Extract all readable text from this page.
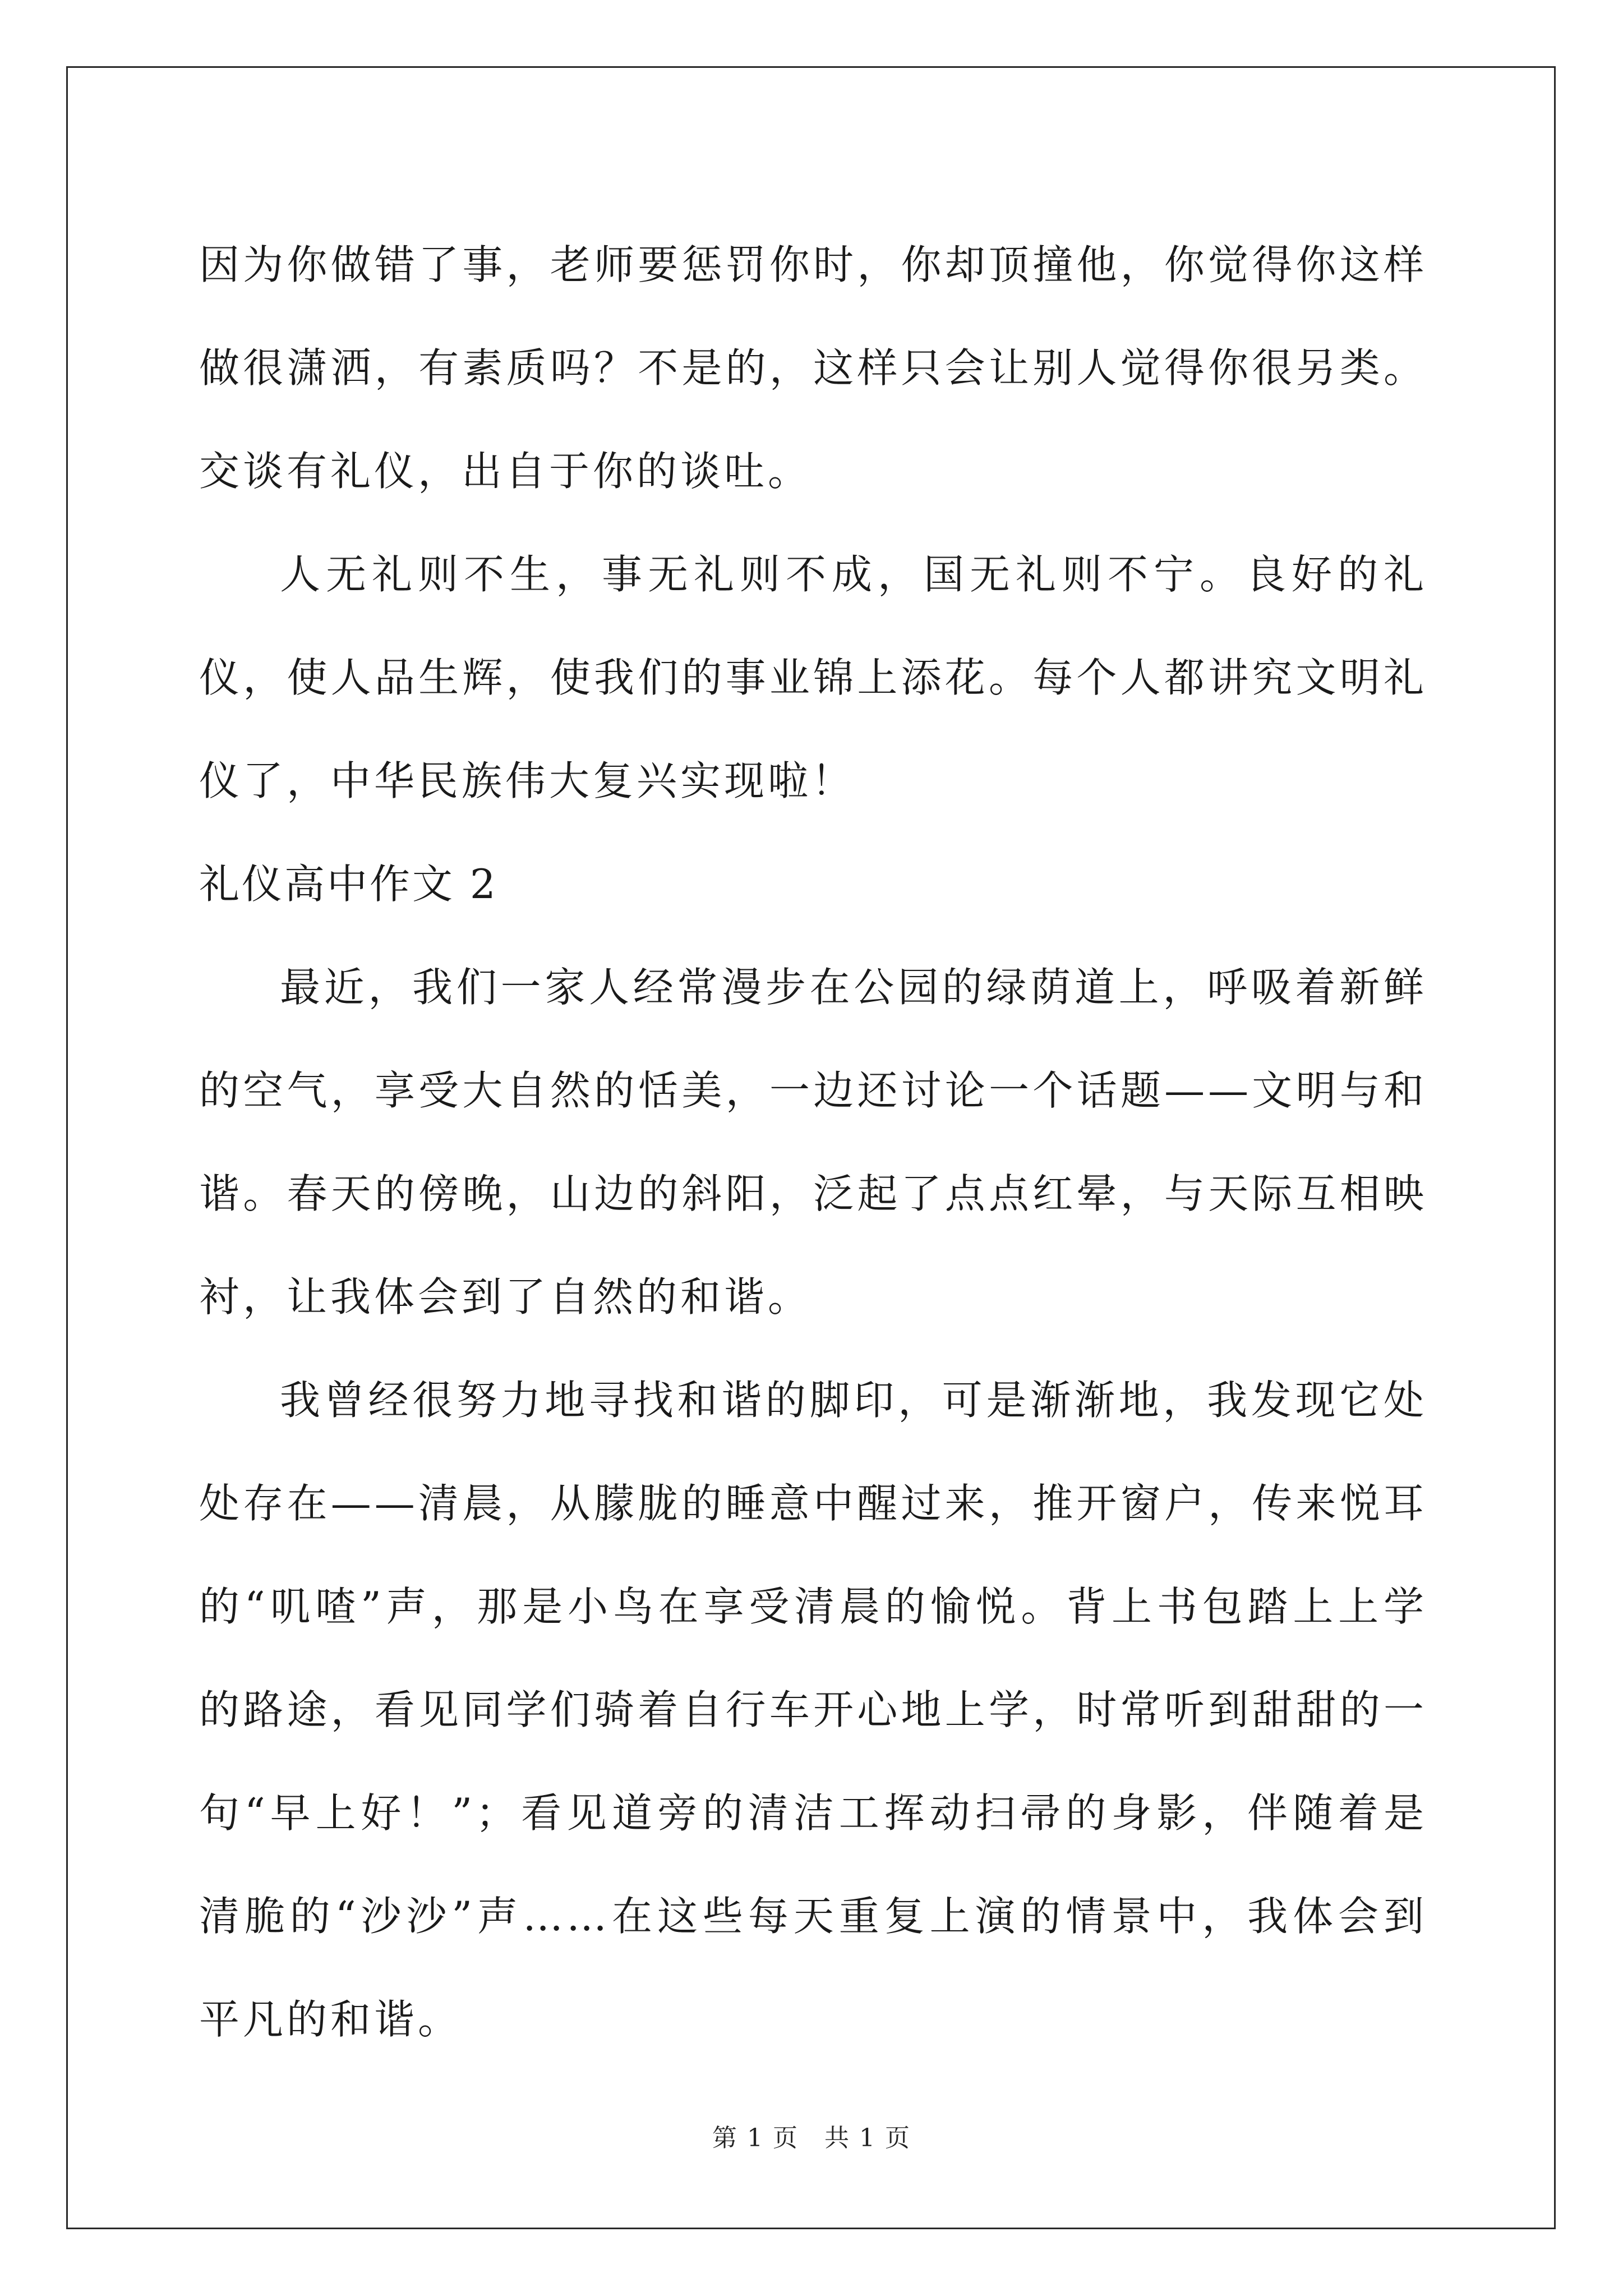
因为你做错了事，老师要惩罚你时，你却顶撞他，你觉得你这样做很潇洒，有素质吗？不是的，这样只会让别人觉得你很另类。交谈有礼仪，出自于你的谈吐。

人无礼则不生，事无礼则不成，国无礼则不宁。良好的礼仪，使人品生辉，使我们的事业锦上添花。每个人都讲究文明礼仪了，中华民族伟大复兴实现啦！

礼仪高中作文 2

最近，我们一家人经常漫步在公园的绿荫道上，呼吸着新鲜的空气，享受大自然的恬美，一边还讨论一个话题——文明与和谐。春天的傍晚，山边的斜阳，泛起了点点红晕，与天际互相映衬，让我体会到了自然的和谐。

我曾经很努力地寻找和谐的脚印，可是渐渐地，我发现它处处存在——清晨，从朦胧的睡意中醒过来，推开窗户，传来悦耳的“叽喳”声，那是小鸟在享受清晨的愉悦。背上书包踏上上学的路途，看见同学们骑着自行车开心地上学，时常听到甜甜的一句“早上好！”；看见道旁的清洁工挥动扫帚的身影，伴随着是清脆的“沙沙”声……在这些每天重复上演的情景中，我体会到平凡的和谐。

第 1 页　共 1 页
